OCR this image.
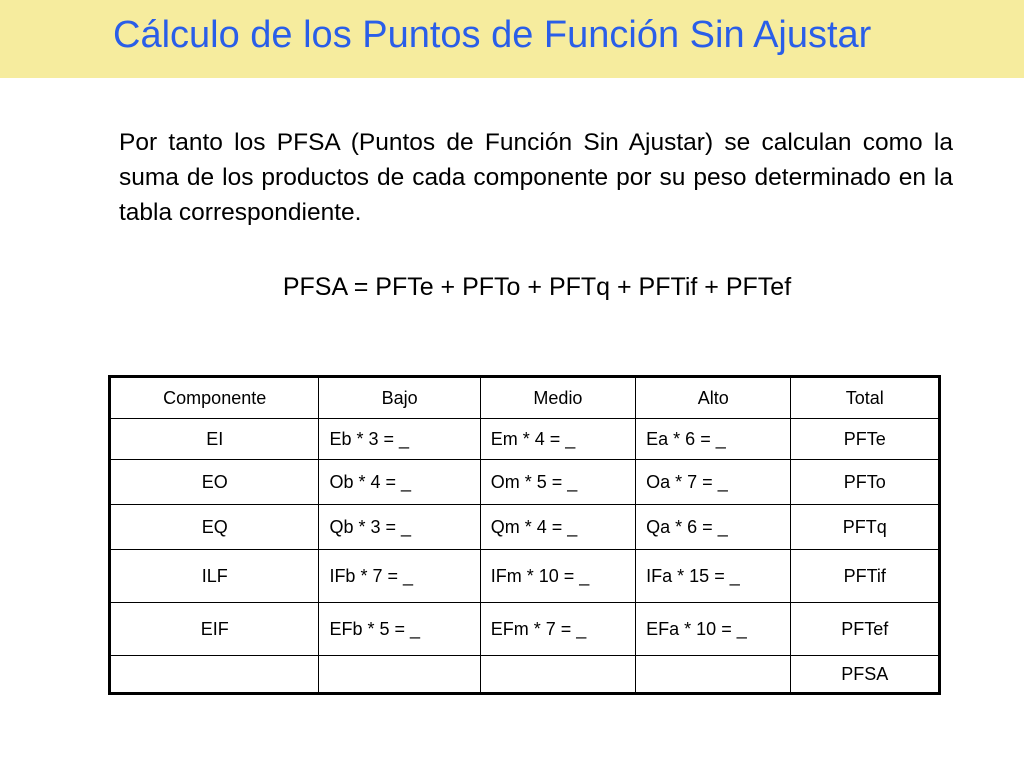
Cálculo de los Puntos de Función Sin Ajustar

Por tanto los PFSA (Puntos de Función Sin Ajustar) se calculan como la suma de los productos de cada componente por su peso determinado en la tabla correspondiente.

PFSA = PFTe + PFTo + PFTq + PFTif + PFTef
Componente	Bajo	Medio	Alto	Total
EI	Eb * 3 = _	Em * 4 = _	Ea * 6 = _	PFTe
EO	Ob * 4 = _	Om * 5 = _	Oa * 7 = _	PFTo
EQ	Qb * 3 = _	Qm * 4 = _	Qa * 6 = _	PFTq
ILF	IFb * 7 = _	IFm * 10 = _	IFa * 15 = _	PFTif
EIF	EFb * 5 = _	EFm * 7 = _	EFa * 10 = _	PFTef
				PFSA
